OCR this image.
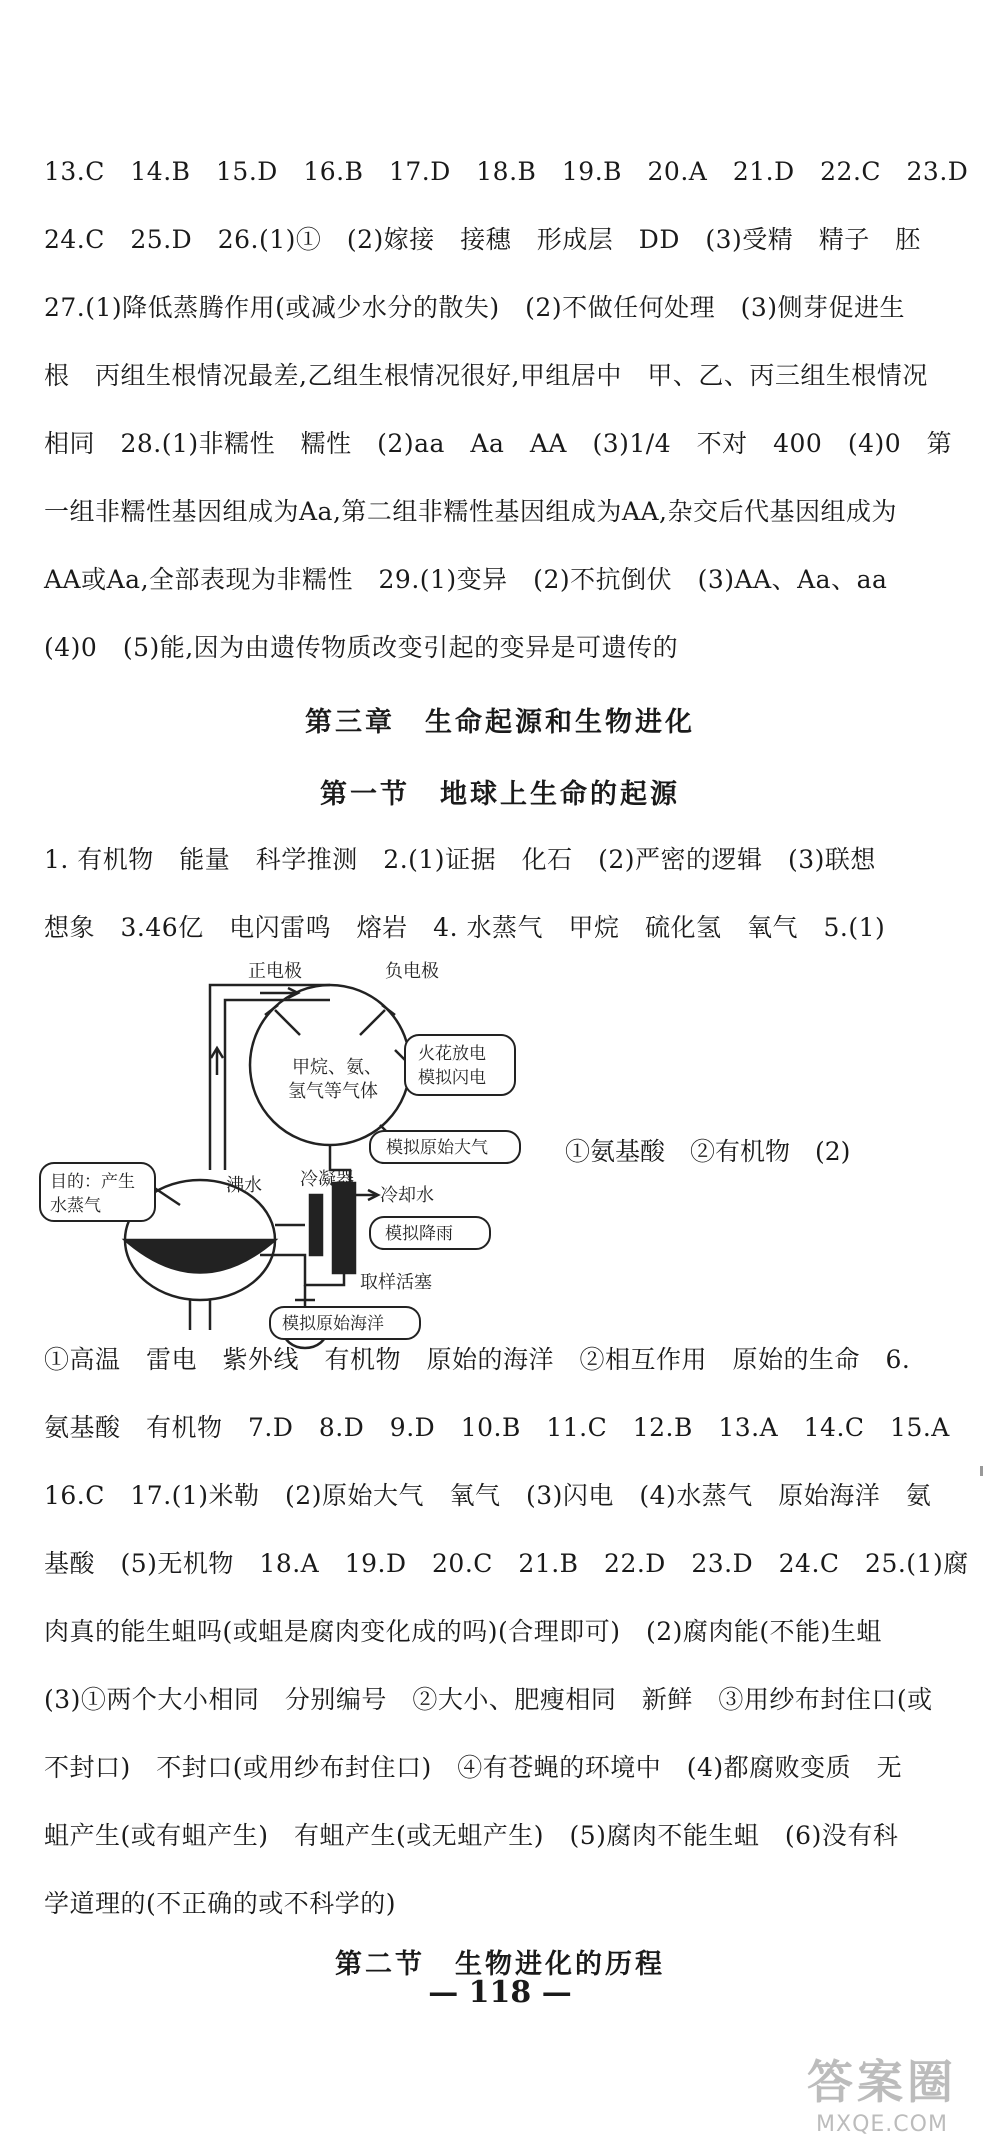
13.C　14.B　15.D　16.B　17.D　18.B　19.B　20.A　21.D　22.C　23.D
24.C　25.D　26.(1)①　(2)嫁接　接穗　形成层　DD　(3)受精　精子　胚
27.(1)降低蒸腾作用(或减少水分的散失)　(2)不做任何处理　(3)侧芽促进生
根　丙组生根情况最差,乙组生根情况很好,甲组居中　甲、乙、丙三组生根情况
相同　28.(1)非糯性　糯性　(2)aa　Aa　AA　(3)1/4　不对　400　(4)0　第
一组非糯性基因组成为Aa,第二组非糯性基因组成为AA,杂交后代基因组成为
AA或Aa,全部表现为非糯性　29.(1)变异　(2)不抗倒伏　(3)AA、Aa、aa
(4)0　(5)能,因为由遗传物质改变引起的变异是可遗传的
第三章　生命起源和生物进化
第一节　地球上生命的起源
1. 有机物　能量　科学推测　2.(1)证据　化石　(2)严密的逻辑　(3)联想
想象　3.46亿　电闪雷鸣　熔岩　4. 水蒸气　甲烷　硫化氢　氧气　5.(1)
正电极	负电极
甲烷、氨、
氢气等气体
沸水 冷凝器
冷却水
取样活塞
火花放电
模拟闪电
模拟原始大气
目的：产生
水蒸气
模拟降雨
模拟原始海洋
①氨基酸　②有机物　(2)
①高温　雷电　紫外线　有机物　原始的海洋　②相互作用　原始的生命　6.
氨基酸　有机物　7.D　8.D　9.D　10.B　11.C　12.B　13.A　14.C　15.A
16.C　17.(1)米勒　(2)原始大气　氧气　(3)闪电　(4)水蒸气　原始海洋　氨
基酸　(5)无机物　18.A　19.D　20.C　21.B　22.D　23.D　24.C　25.(1)腐
肉真的能生蛆吗(或蛆是腐肉变化成的吗)(合理即可)　(2)腐肉能(不能)生蛆
(3)①两个大小相同　分别编号　②大小、肥瘦相同　新鲜　③用纱布封住口(或
不封口)　不封口(或用纱布封住口)　④有苍蝇的环境中　(4)都腐败变质　无
蛆产生(或有蛆产生)　有蛆产生(或无蛆产生)　(5)腐肉不能生蛆　(6)没有科
学道理的(不正确的或不科学的)
第二节　生物进化的历程
— 118 —
答案圈
MXQE.COM
